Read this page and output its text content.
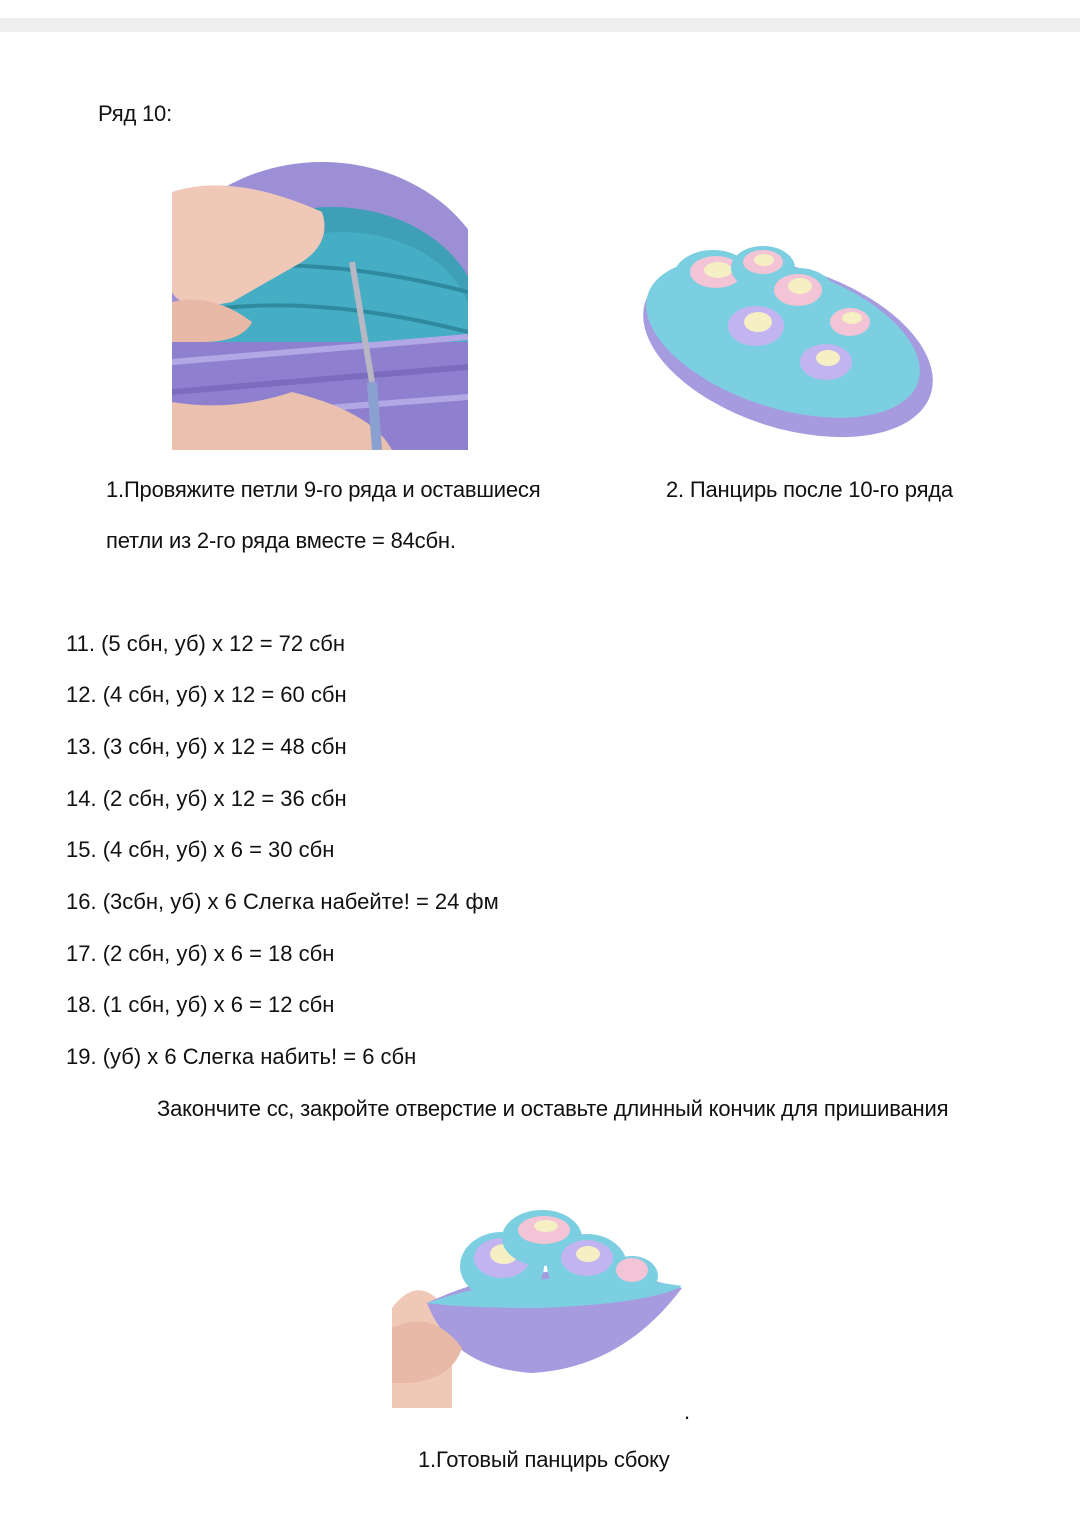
Ряд 10:
1.Провяжите петли 9-го ряда и оставшиеся
петли из 2-го ряда вместе = 84сбн.
2. Панцирь после 10-го ряда
11. (5 сбн, уб) х 12 = 72 сбн
12. (4 сбн, уб) х 12 = 60 сбн
13. (3 сбн, уб) х 12 = 48 сбн
14. (2 сбн, уб) х 12 = 36 сбн
15. (4 сбн, уб) х 6 = 30 сбн
16. (3сбн, уб) х 6 Слегка набейте! = 24 фм
17. (2 сбн, уб) х 6 = 18 сбн
18. (1 сбн, уб) х 6 = 12 сбн
19. (уб) х 6 Слегка набить! = 6 сбн
Закончите сс, закройте отверстие и оставьте длинный кончик для пришивания
.
1.Готовый панцирь сбоку
